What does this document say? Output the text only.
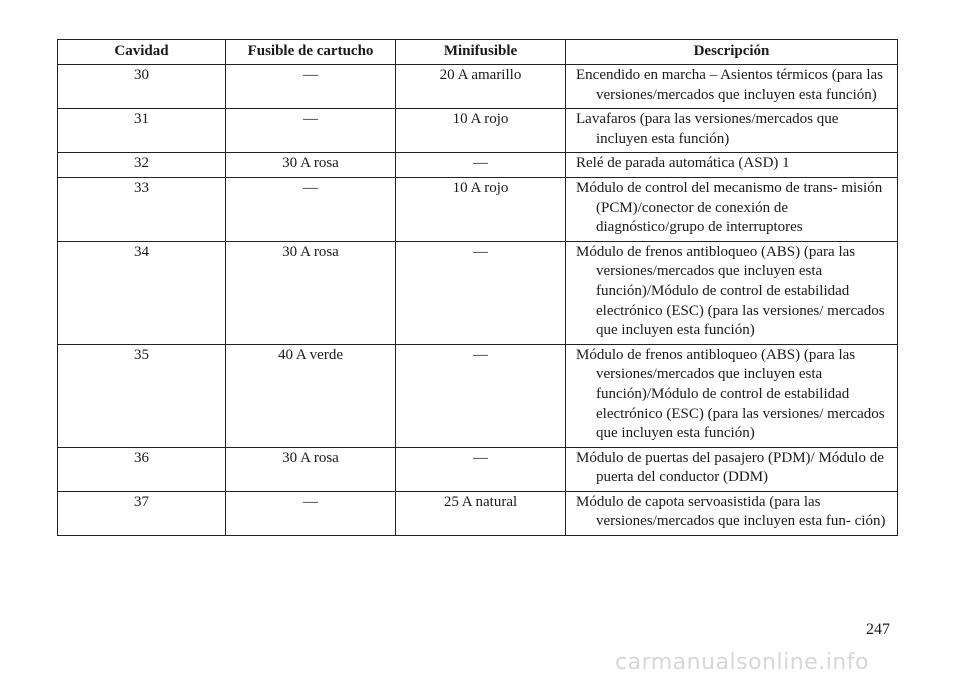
Cavidad	Fusible de cartucho	Minifusible	Descripción
30	—	20 A amarillo	Encendido en marcha – Asientos térmicos (para las versiones/mercados que incluyen esta función)

31	—	10 A rojo	Lavafaros (para las versiones/mercados que incluyen esta función)

32	30 A rosa	—	Relé de parada automática (ASD) 1

33	—	10 A rojo	Módulo de control del mecanismo de trans- misión (PCM)/conector de conexión de diagnóstico/grupo de interruptores

34	30 A rosa	—	Módulo de frenos antibloqueo (ABS) (para las versiones/mercados que incluyen esta función)/Módulo de control de estabilidad electrónico (ESC) (para las versiones/ mercados que incluyen esta función)

35	40 A verde	—	Módulo de frenos antibloqueo (ABS) (para las versiones/mercados que incluyen esta función)/Módulo de control de estabilidad electrónico (ESC) (para las versiones/ mercados que incluyen esta función)

36	30 A rosa	—	Módulo de puertas del pasajero (PDM)/ Módulo de puerta del conductor (DDM)

37	—	25 A natural	Módulo de capota servoasistida (para las versiones/mercados que incluyen esta fun- ción)
247
carmanualsonline.info
